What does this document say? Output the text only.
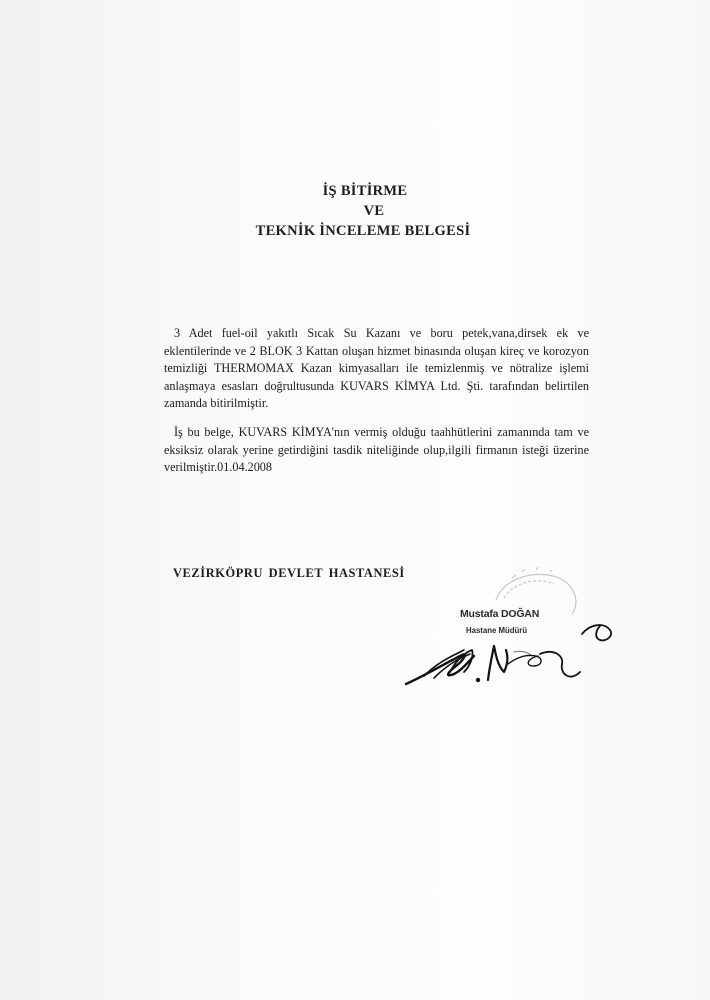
İŞ BİTİRME
VE
TEKNİK İNCELEME BELGESİ

3 Adet fuel-oil yakıtlı Sıcak Su Kazanı ve boru petek,vana,dirsek ek ve eklentilerinde ve 2 BLOK 3 Kattan oluşan hizmet binasında oluşan kireç ve korozyon temizliği THERMOMAX Kazan kimyasalları ile temizlenmiş ve nötralize işlemi anlaşmaya esasları doğrultusunda KUVARS KİMYA Ltd. Şti. tarafından belirtilen zamanda bitirilmiştir.

İş bu belge, KUVARS KİMYA'nın vermiş olduğu taahhütlerini zamanında tam ve eksiksiz olarak yerine getirdiğini tasdik niteliğinde olup,ilgili firmanın isteği üzerine verilmiştir.01.04.2008

VEZİRKÖPRU DEVLET HASTANESİ
Mustafa DOĞAN
Hastane Müdürü
